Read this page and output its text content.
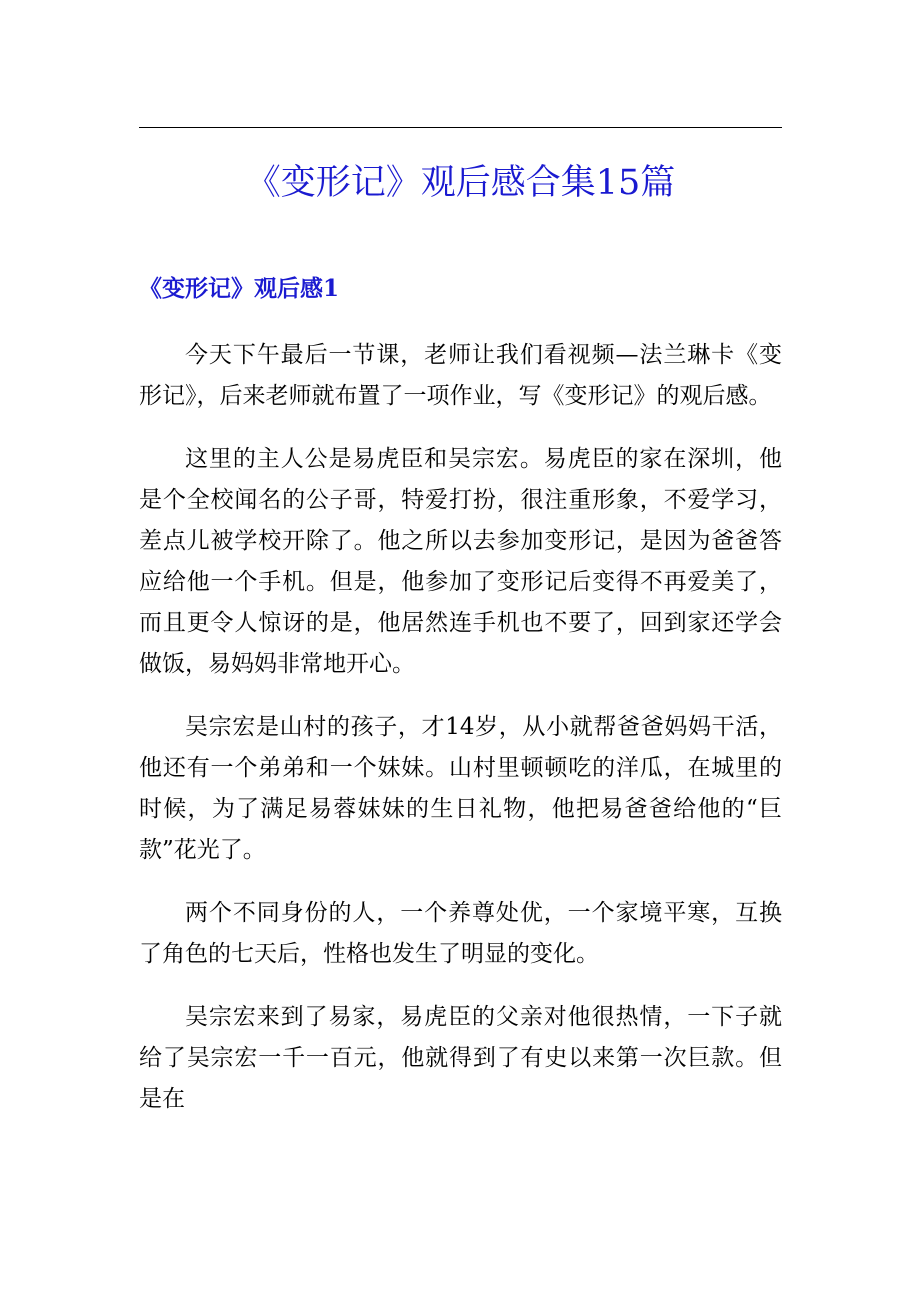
《变形记》观后感合集15篇
《变形记》观后感1

今天下午最后一节课，老师让我们看视频—法兰琳卡《变形记》，后来老师就布置了一项作业，写《变形记》的观后感。

这里的主人公是易虎臣和吴宗宏。易虎臣的家在深圳，他是个全校闻名的公子哥，特爱打扮，很注重形象，不爱学习，差点儿被学校开除了。他之所以去参加变形记，是因为爸爸答应给他一个手机。但是，他参加了变形记后变得不再爱美了，而且更令人惊讶的是，他居然连手机也不要了，回到家还学会做饭，易妈妈非常地开心。

吴宗宏是山村的孩子，才14岁，从小就帮爸爸妈妈干活，他还有一个弟弟和一个妹妹。山村里顿顿吃的洋瓜，在城里的时候，为了满足易蓉妹妹的生日礼物，他把易爸爸给他的“巨款”花光了。

两个不同身份的人，一个养尊处优，一个家境平寒，互换了角色的七天后，性格也发生了明显的变化。

吴宗宏来到了易家，易虎臣的父亲对他很热情，一下子就给了吴宗宏一千一百元，他就得到了有史以来第一次巨款。但是在
